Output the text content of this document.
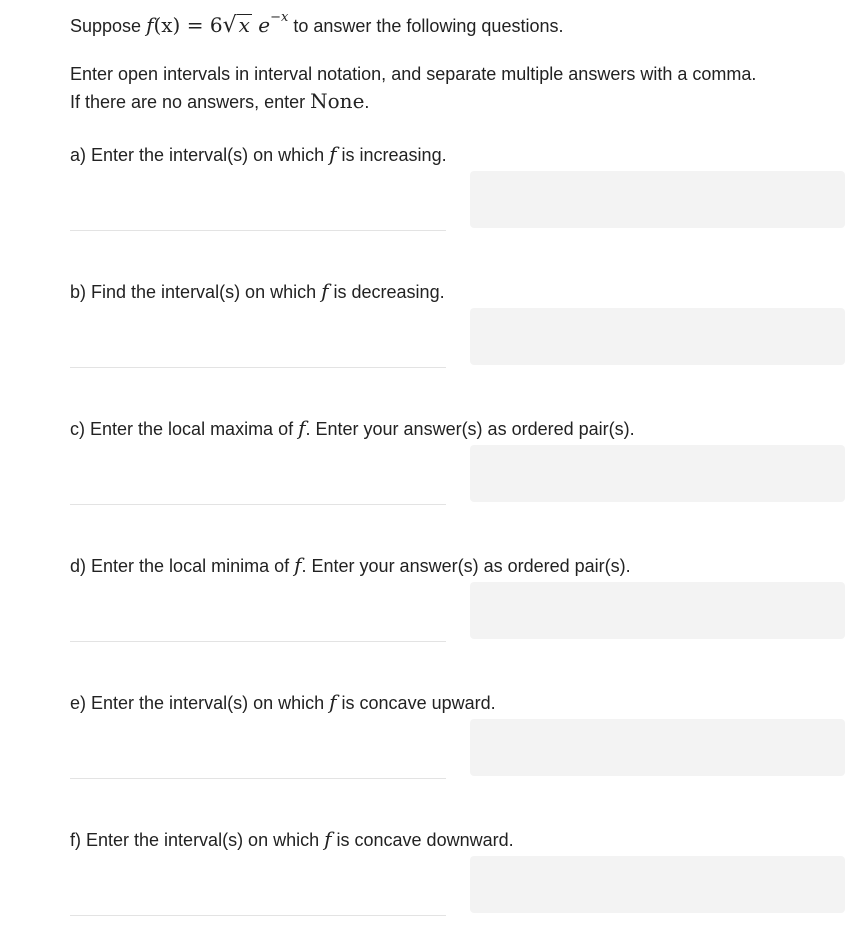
Suppose f(x) = 6√ x $e^{-x}$ to answer the following questions.
Enter open intervals in interval notation, and separate multiple answers with a comma.
If there are no answers, enter None.
a) Enter the interval(s) on which f is increasing.
b) Find the interval(s) on which f is decreasing.
c) Enter the local maxima of f. Enter your answer(s) as ordered pair(s).
d) Enter the local minima of f. Enter your answer(s) as ordered pair(s).
e) Enter the interval(s) on which f is concave upward.
f) Enter the interval(s) on which f is concave downward.
